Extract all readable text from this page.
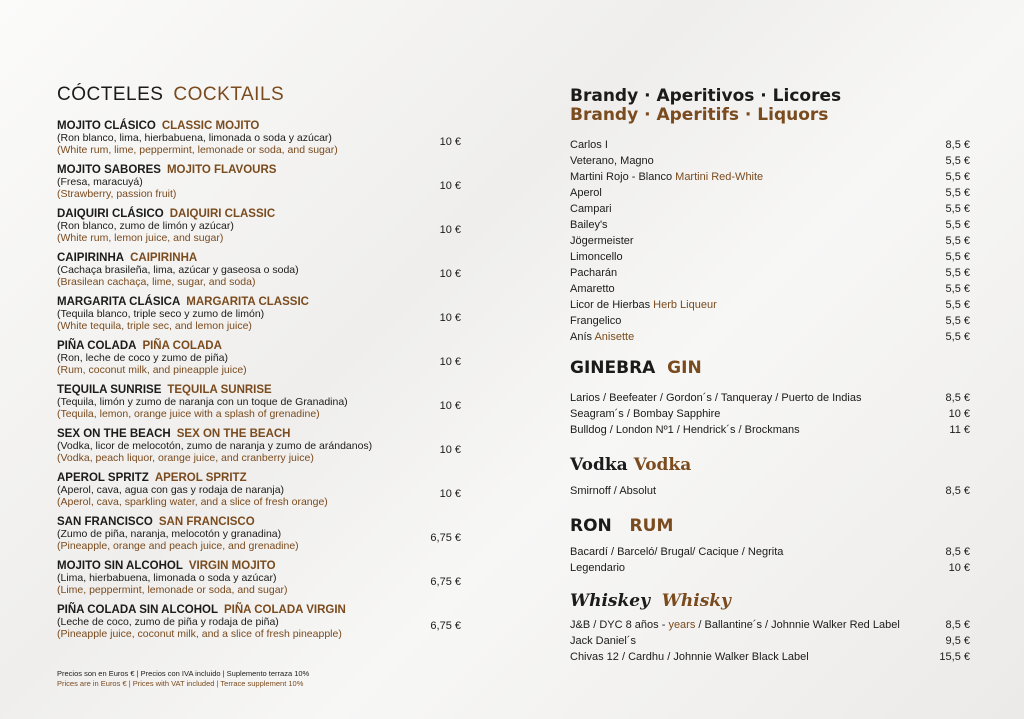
CÓCTELES COCKTAILS
MOJITO CLÁSICO CLASSIC MOJITO
(Ron blanco, lima, hierbabuena, limonada o soda y azúcar)
(White rum, lime, peppermint, lemonade or soda, and sugar)
10 €
MOJITO SABORES MOJITO FLAVOURS
(Fresa, maracuyá)
(Strawberry, passion fruit)
10 €
DAIQUIRI CLÁSICO DAIQUIRI CLASSIC
(Ron blanco, zumo de limón y azúcar)
(White rum, lemon juice, and sugar)
10 €
CAIPIRINHA CAIPIRINHA
(Cachaça brasileña, lima, azúcar y gaseosa o soda)
(Brasilean cachaça, lime, sugar, and soda)
10 €
MARGARITA CLÁSICA MARGARITA CLASSIC
(Tequila blanco, triple seco y zumo de limón)
(White tequila, triple sec, and lemon juice)
10 €
PIÑA COLADA PIÑA COLADA
(Ron, leche de coco y zumo de piña)
(Rum, coconut milk, and pineapple juice)
10 €
TEQUILA SUNRISE TEQUILA SUNRISE
(Tequila, limón y zumo de naranja con un toque de Granadina)
(Tequila, lemon, orange juice with a splash of grenadine)
10 €
SEX ON THE BEACH SEX ON THE BEACH
(Vodka, licor de melocotón, zumo de naranja y zumo de arándanos)
(Vodka, peach liquor, orange juice, and cranberry juice)
10 €
APEROL SPRITZ APEROL SPRITZ
(Aperol, cava, agua con gas y rodaja de naranja)
(Aperol, cava, sparkling water, and a slice of fresh orange)
10 €
SAN FRANCISCO SAN FRANCISCO
(Zumo de piña, naranja, melocotón y granadina)
(Pineapple, orange and peach juice, and grenadine)
6,75 €
MOJITO SIN ALCOHOL VIRGIN MOJITO
(Lima, hierbabuena, limonada o soda y azúcar)
(Lime, peppermint, lemonade or soda, and sugar)
6,75 €
PIÑA COLADA SIN ALCOHOL PIÑA COLADA VIRGIN
(Leche de coco, zumo de piña y rodaja de piña)
(Pineapple juice, coconut milk, and a slice of fresh pineapple)
6,75 €
Precios son en Euros € | Precios con IVA incluido | Suplemento terraza 10%
Prices are in Euros € | Prices with VAT included | Terrace supplement 10%
Brandy · Aperitivos · Licores
Brandy · Aperitifs · Liquors
Carlos I	8,5 €
Veterano, Magno	5,5 €
Martini Rojo - Blanco Martini Red-White	5,5 €
Aperol	5,5 €
Campari	5,5 €
Bailey's	5,5 €
Jögermeister	5,5 €
Limoncello	5,5 €
Pacharán	5,5 €
Amaretto	5,5 €
Licor de Hierbas Herb Liqueur	5,5 €
Frangelico	5,5 €
Anís Anisette	5,5 €
GINEBRA GIN
Larios / Beefeater / Gordon´s / Tanqueray / Puerto de Indias	8,5 €
Seagram´s / Bombay Sapphire	10 €
Bulldog / London Nº1 / Hendrick´s / Brockmans	11 €
Vodka Vodka
Smirnoff / Absolut	8,5 €
RON RUM
Bacardí / Barceló/ Brugal/ Cacique / Negrita	8,5 €
Legendario	10 €
Whiskey Whisky
J&B / DYC 8 años - years / Ballantine´s / Johnnie Walker Red Label	8,5 €
Jack Daniel´s	9,5 €
Chivas 12 / Cardhu / Johnnie Walker Black Label	15,5 €
